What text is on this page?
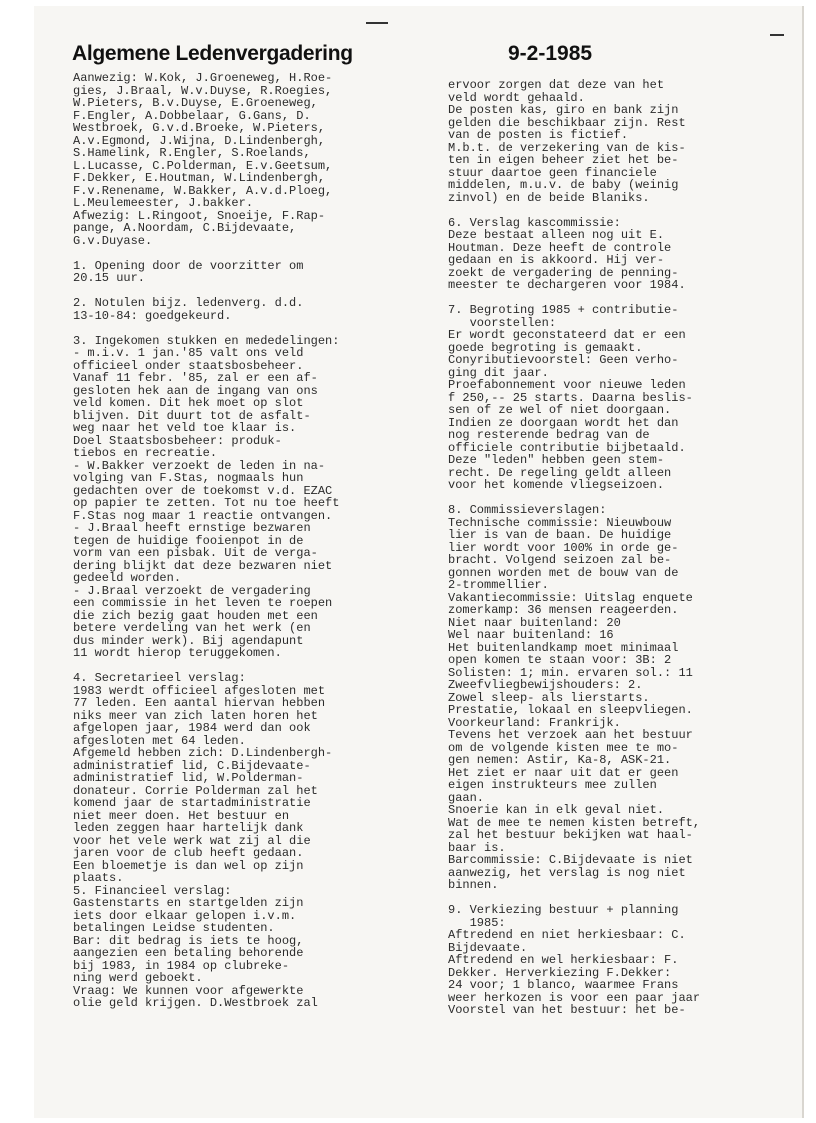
Algemene Ledenvergadering	9-2-1985
Aanwezig: W.Kok, J.Groeneweg, H.Roe-
gies, J.Braal, W.v.Duyse, R.Roegies,
W.Pieters, B.v.Duyse, E.Groeneweg,
F.Engler, A.Dobbelaar, G.Gans, D.
Westbroek, G.v.d.Broeke, W.Pieters,
A.v.Egmond, J.Wijna, D.Lindenbergh,
S.Hamelink, R.Engler, S.Roelands,
L.Lucasse, C.Polderman, E.v.Geetsum,
F.Dekker, E.Houtman, W.Lindenbergh,
F.v.Renename, W.Bakker, A.v.d.Ploeg,
L.Meulemeester, J.bakker.
Afwezig: L.Ringoot, Snoeije, F.Rap-
pange, A.Noordam, C.Bijdevaate,
G.v.Duyase.
1. Opening door de voorzitter om
20.15 uur.
2. Notulen bijz. ledenverg. d.d.
13-10-84: goedgekeurd.
3. Ingekomen stukken en mededelingen:
- m.i.v. 1 jan.'85 valt ons veld
officieel onder staatsbosbeheer.
Vanaf 11 febr. '85, zal er een af-
gesloten hek aan de ingang van ons
veld komen. Dit hek moet op slot
blijven. Dit duurt tot de asfalt-
weg naar het veld toe klaar is.
Doel Staatsbosbeheer: produk-
tiebos en recreatie.
- W.Bakker verzoekt de leden in na-
volging van F.Stas, nogmaals hun
gedachten over de toekomst v.d. EZAC
op papier te zetten. Tot nu toe heeft
F.Stas nog maar 1 reactie ontvangen.
- J.Braal heeft ernstige bezwaren
tegen de huidige fooienpot in de
vorm van een pisbak. Uit de verga-
dering blijkt dat deze bezwaren niet
gedeeld worden.
- J.Braal verzoekt de vergadering
een commissie in het leven te roepen
die zich bezig gaat houden met een
betere verdeling van het werk (en
dus minder werk). Bij agendapunt
11 wordt hierop teruggekomen.
4. Secretarieel verslag:
1983 werdt officieel afgesloten met
77 leden. Een aantal hiervan hebben
niks meer van zich laten horen het
afgelopen jaar, 1984 werd dan ook
afgesloten met 64 leden.
Afgemeld hebben zich: D.Lindenbergh-
administratief lid, C.Bijdevaate-
administratief lid, W.Polderman-
donateur. Corrie Polderman zal het
komend jaar de startadministratie
niet meer doen. Het bestuur en
leden zeggen haar hartelijk dank
voor het vele werk wat zij al die
jaren voor de club heeft gedaan.
Een bloemetje is dan wel op zijn
plaats.
5. Financieel verslag:
Gastenstarts en startgelden zijn
iets door elkaar gelopen i.v.m.
betalingen Leidse studenten.
Bar: dit bedrag is iets te hoog,
aangezien een betaling behorende
bij 1983, in 1984 op clubreke-
ning werd geboekt.
Vraag: We kunnen voor afgewerkte
olie geld krijgen. D.Westbroek zal
ervoor zorgen dat deze van het
veld wordt gehaald.
De posten kas, giro en bank zijn
gelden die beschikbaar zijn. Rest
van de posten is fictief.
M.b.t. de verzekering van de kis-
ten in eigen beheer ziet het be-
stuur daartoe geen financiele
middelen, m.u.v. de baby (weinig
zinvol) en de beide Blaniks.
6. Verslag kascommissie:
Deze bestaat alleen nog uit E.
Houtman. Deze heeft de controle
gedaan en is akkoord. Hij ver-
zoekt de vergadering de penning-
meester te dechargeren voor 1984.
7. Begroting 1985 + contributie-
voorstellen:
Er wordt geconstateerd dat er een
goede begroting is gemaakt.
Conyributievoorstel: Geen verho-
ging dit jaar.
Proefabonnement voor nieuwe leden
f 250,-- 25 starts. Daarna beslis-
sen of ze wel of niet doorgaan.
Indien ze doorgaan wordt het dan
nog resterende bedrag van de
officiele contributie bijbetaald.
Deze "leden" hebben geen stem-
recht. De regeling geldt alleen
voor het komende vliegseizoen.
8. Commissieverslagen:
Technische commissie: Nieuwbouw
lier is van de baan. De huidige
lier wordt voor 100% in orde ge-
bracht. Volgend seizoen zal be-
gonnen worden met de bouw van de
2-trommellier.
Vakantiecommissie: Uitslag enquete
zomerkamp: 36 mensen reageerden.
Niet naar buitenland: 20
Wel naar buitenland: 16
Het buitenlandkamp moet minimaal
open komen te staan voor: 3B: 2
Solisten: 1; min. ervaren sol.: 11
Zweefvliegbewijshouders: 2.
Zowel sleep- als lierstarts.
Prestatie, lokaal en sleepvliegen.
Voorkeurland: Frankrijk.
Tevens het verzoek aan het bestuur
om de volgende kisten mee te mo-
gen nemen: Astir, Ka-8, ASK-21.
Het ziet er naar uit dat er geen
eigen instrukteurs mee zullen
gaan.
Snoerie kan in elk geval niet.
Wat de mee te nemen kisten betreft,
zal het bestuur bekijken wat haal-
baar is.
Barcommissie: C.Bijdevaate is niet
aanwezig, het verslag is nog niet
binnen.
9. Verkiezing bestuur + planning
1985:
Aftredend en niet herkiesbaar: C.
Bijdevaate.
Aftredend en wel herkiesbaar: F.
Dekker. Herverkiezing F.Dekker:
24 voor; 1 blanco, waarmee Frans
weer herkozen is voor een paar jaar
Voorstel van het bestuur: het be-
